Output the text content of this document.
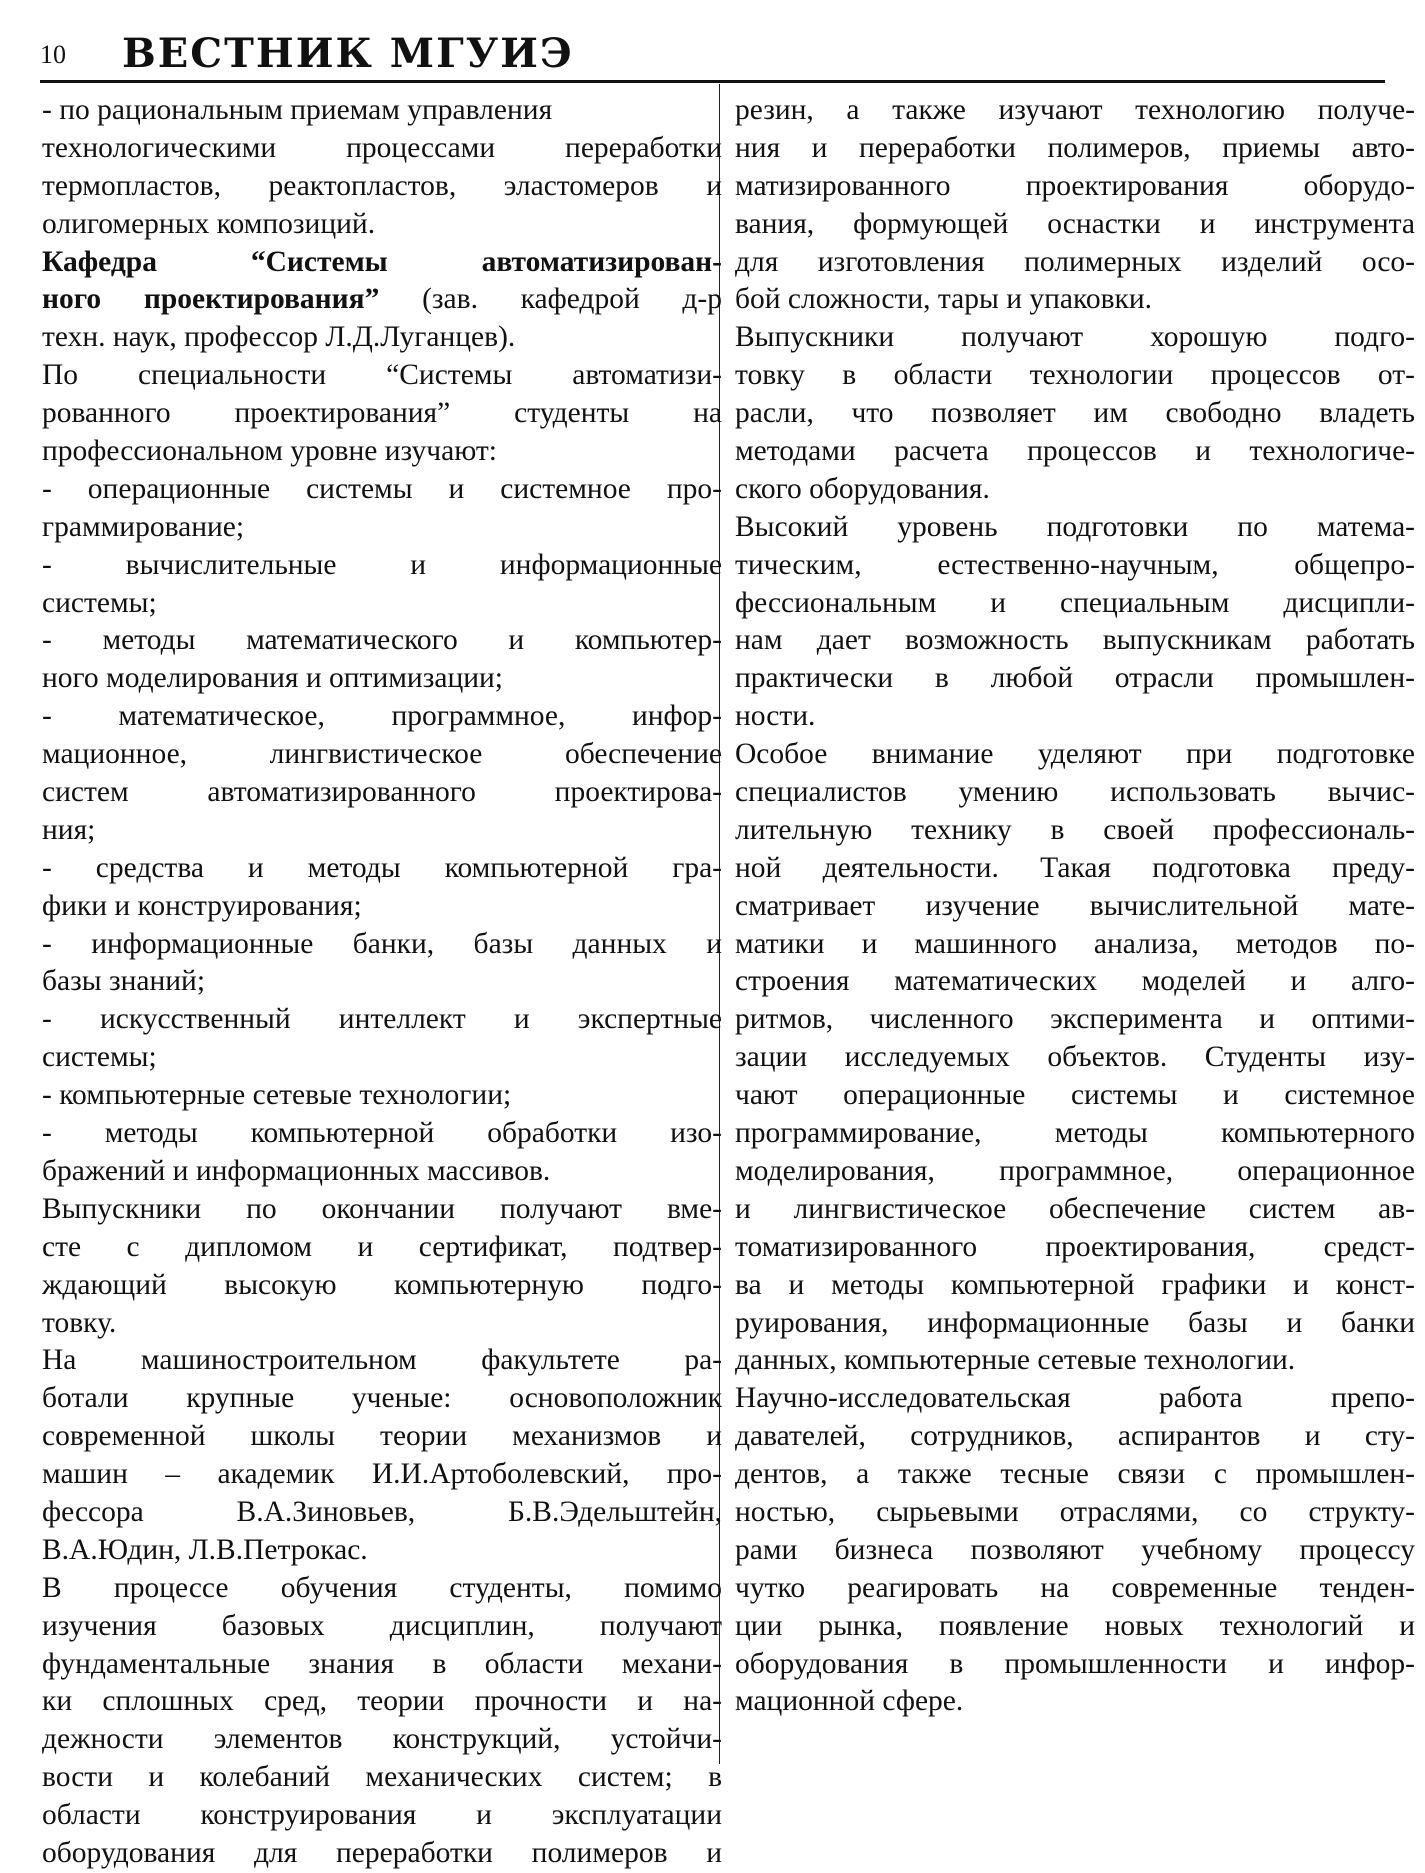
10 ВЕСТНИК МГУИЭ
- по рациональным приемам управления
технологическими процессами переработки
термопластов, реактопластов, эластомеров и
олигомерных композиций.
Кафедра “Системы автоматизирован-
ного проектирования” (зав. кафедрой д-р
техн. наук, профессор Л.Д.Луганцев).
По специальности “Системы автоматизи-
рованного проектирования” студенты на
профессиональном уровне изучают:
- операционные системы и системное про-
граммирование;
- вычислительные и информационные
системы;
- методы математического и компьютер-
ного моделирования и оптимизации;
- математическое, программное, инфор-
мационное, лингвистическое обеспечение
систем автоматизированного проектирова-
ния;
- средства и методы компьютерной гра-
фики и конструирования;
- информационные банки, базы данных и
базы знаний;
- искусственный интеллект и экспертные
системы;
- компьютерные сетевые технологии;
- методы компьютерной обработки изо-
бражений и информационных массивов.
Выпускники по окончании получают вме-
сте с дипломом и сертификат, подтвер-
ждающий высокую компьютерную подго-
товку.
На машиностроительном факультете ра-
ботали крупные ученые: основоположник
современной школы теории механизмов и
машин – академик И.И.Артоболевский, про-
фессора В.А.Зиновьев, Б.В.Эдельштейн,
В.А.Юдин, Л.В.Петрокас.
В процессе обучения студенты, помимо
изучения базовых дисциплин, получают
фундаментальные знания в области механи-
ки сплошных сред, теории прочности и на-
дежности элементов конструкций, устойчи-
вости и колебаний механических систем; в
области конструирования и эксплуатации
оборудования для переработки полимеров и
резин, а также изучают технологию получе-
ния и переработки полимеров, приемы авто-
матизированного проектирования оборудо-
вания, формующей оснастки и инструмента
для изготовления полимерных изделий осо-
бой сложности, тары и упаковки.
Выпускники получают хорошую подго-
товку в области технологии процессов от-
расли, что позволяет им свободно владеть
методами расчета процессов и технологиче-
ского оборудования.
Высокий уровень подготовки по матема-
тическим, естественно-научным, общепро-
фессиональным и специальным дисципли-
нам дает возможность выпускникам работать
практически в любой отрасли промышлен-
ности.
Особое внимание уделяют при подготовке
специалистов умению использовать вычис-
лительную технику в своей профессиональ-
ной деятельности. Такая подготовка преду-
сматривает изучение вычислительной мате-
матики и машинного анализа, методов по-
строения математических моделей и алго-
ритмов, численного эксперимента и оптими-
зации исследуемых объектов. Студенты изу-
чают операционные системы и системное
программирование, методы компьютерного
моделирования, программное, операционное
и лингвистическое обеспечение систем ав-
томатизированного проектирования, средст-
ва и методы компьютерной графики и конст-
руирования, информационные базы и банки
данных, компьютерные сетевые технологии.
Научно-исследовательская работа препо-
давателей, сотрудников, аспирантов и сту-
дентов, а также тесные связи с промышлен-
ностью, сырьевыми отраслями, со структу-
рами бизнеса позволяют учебному процессу
чутко реагировать на современные тенден-
ции рынка, появление новых технологий и
оборудования в промышленности и инфор-
мационной сфере.
